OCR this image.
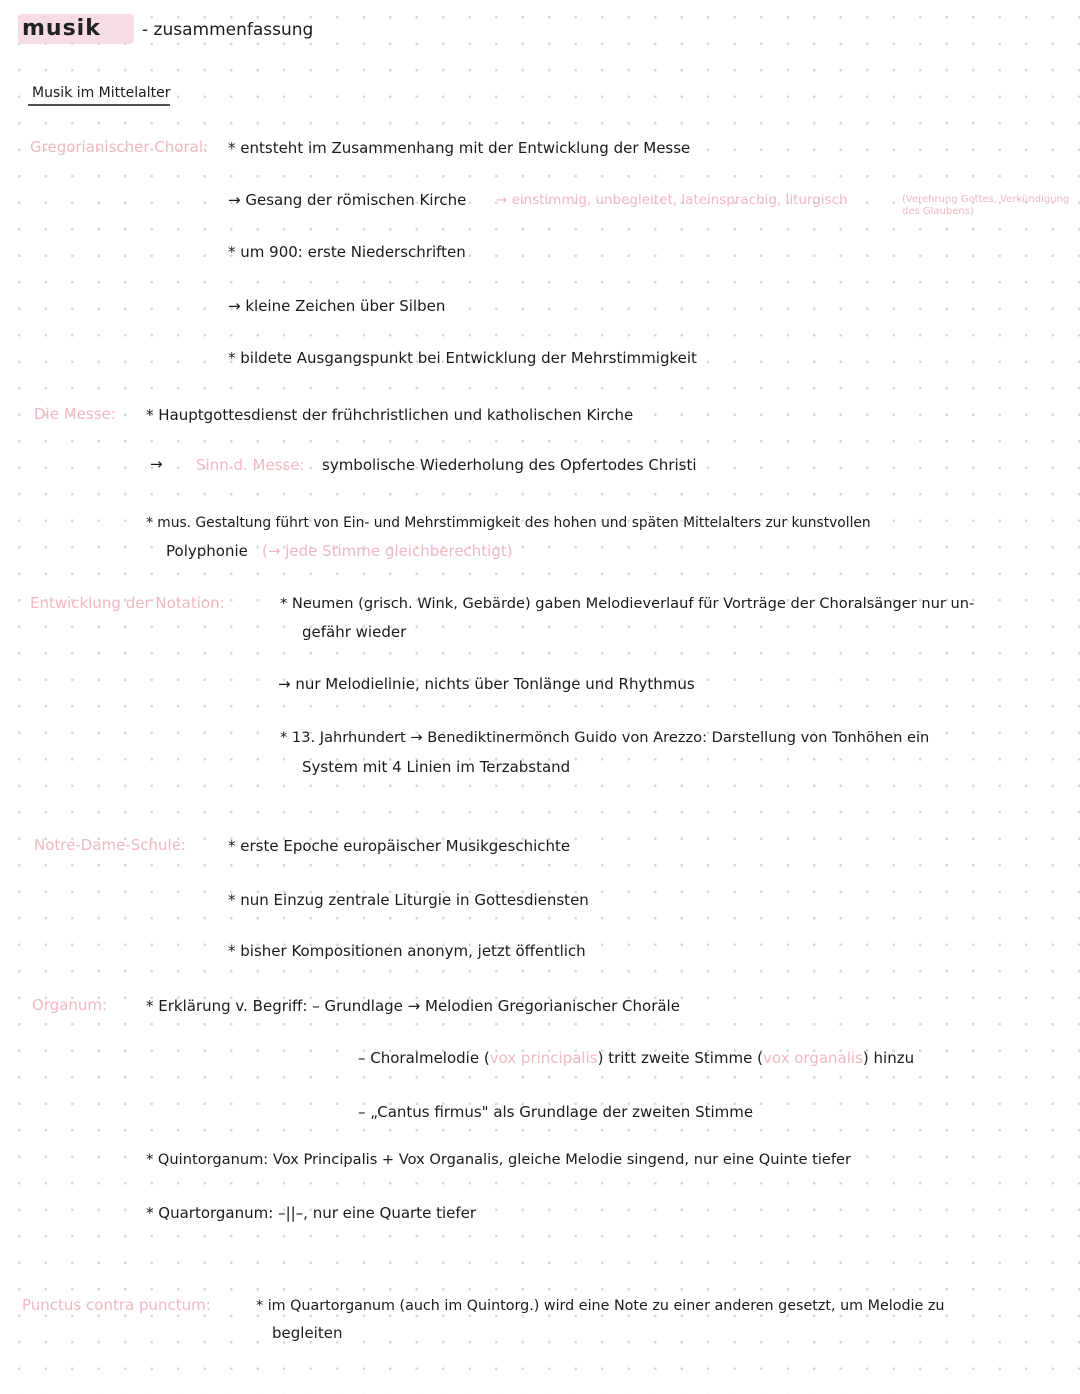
musik - zusammenfassung
Musik im Mittelalter
Gregorianischer Choral: * entsteht im Zusammenhang mit der Entwicklung der Messe
→ Gesang der römischen Kirche → einstimmig, unbegleitet, lateinsprachig, liturgisch	(Verehrung Gottes, Verkündigung des Glaubens)
* um 900: erste Niederschriften
→ kleine Zeichen über Silben
* bildete Ausgangspunkt bei Entwicklung der Mehrstimmigkeit
Die Messe: * Hauptgottesdienst der frühchristlichen und katholischen Kirche
→ Sinn d. Messe: symbolische Wiederholung des Opfertodes Christi
* mus. Gestaltung führt von Ein- und Mehrstimmigkeit des hohen und späten Mittelalters zur kunstvollen
Polyphonie (→ jede Stimme gleichberechtigt)
Entwicklung der Notation:	* Neumen (grisch. Wink, Gebärde) gaben Melodieverlauf für Vorträge der Choralsänger nur un-
gefähr wieder
→ nur Melodielinie, nichts über Tonlänge und Rhythmus
* 13. Jahrhundert → Benediktinermönch Guido von Arezzo: Darstellung von Tonhöhen ein
System mit 4 Linien im Terzabstand
Notre-Dame-Schule:	* erste Epoche europäischer Musikgeschichte
* nun Einzug zentrale Liturgie in Gottesdiensten
* bisher Kompositionen anonym, jetzt öffentlich
Organum:	* Erklärung v. Begriff: – Grundlage → Melodien Gregorianischer Choräle
– Choralmelodie (vox principalis) tritt zweite Stimme (vox organalis) hinzu
– „Cantus firmus" als Grundlage der zweiten Stimme
* Quintorganum: Vox Principalis + Vox Organalis, gleiche Melodie singend, nur eine Quinte tiefer
* Quartorganum: –||–, nur eine Quarte tiefer
Punctus contra punctum:	* im Quartorganum (auch im Quintorg.) wird eine Note zu einer anderen gesetzt, um Melodie zu
begleiten
